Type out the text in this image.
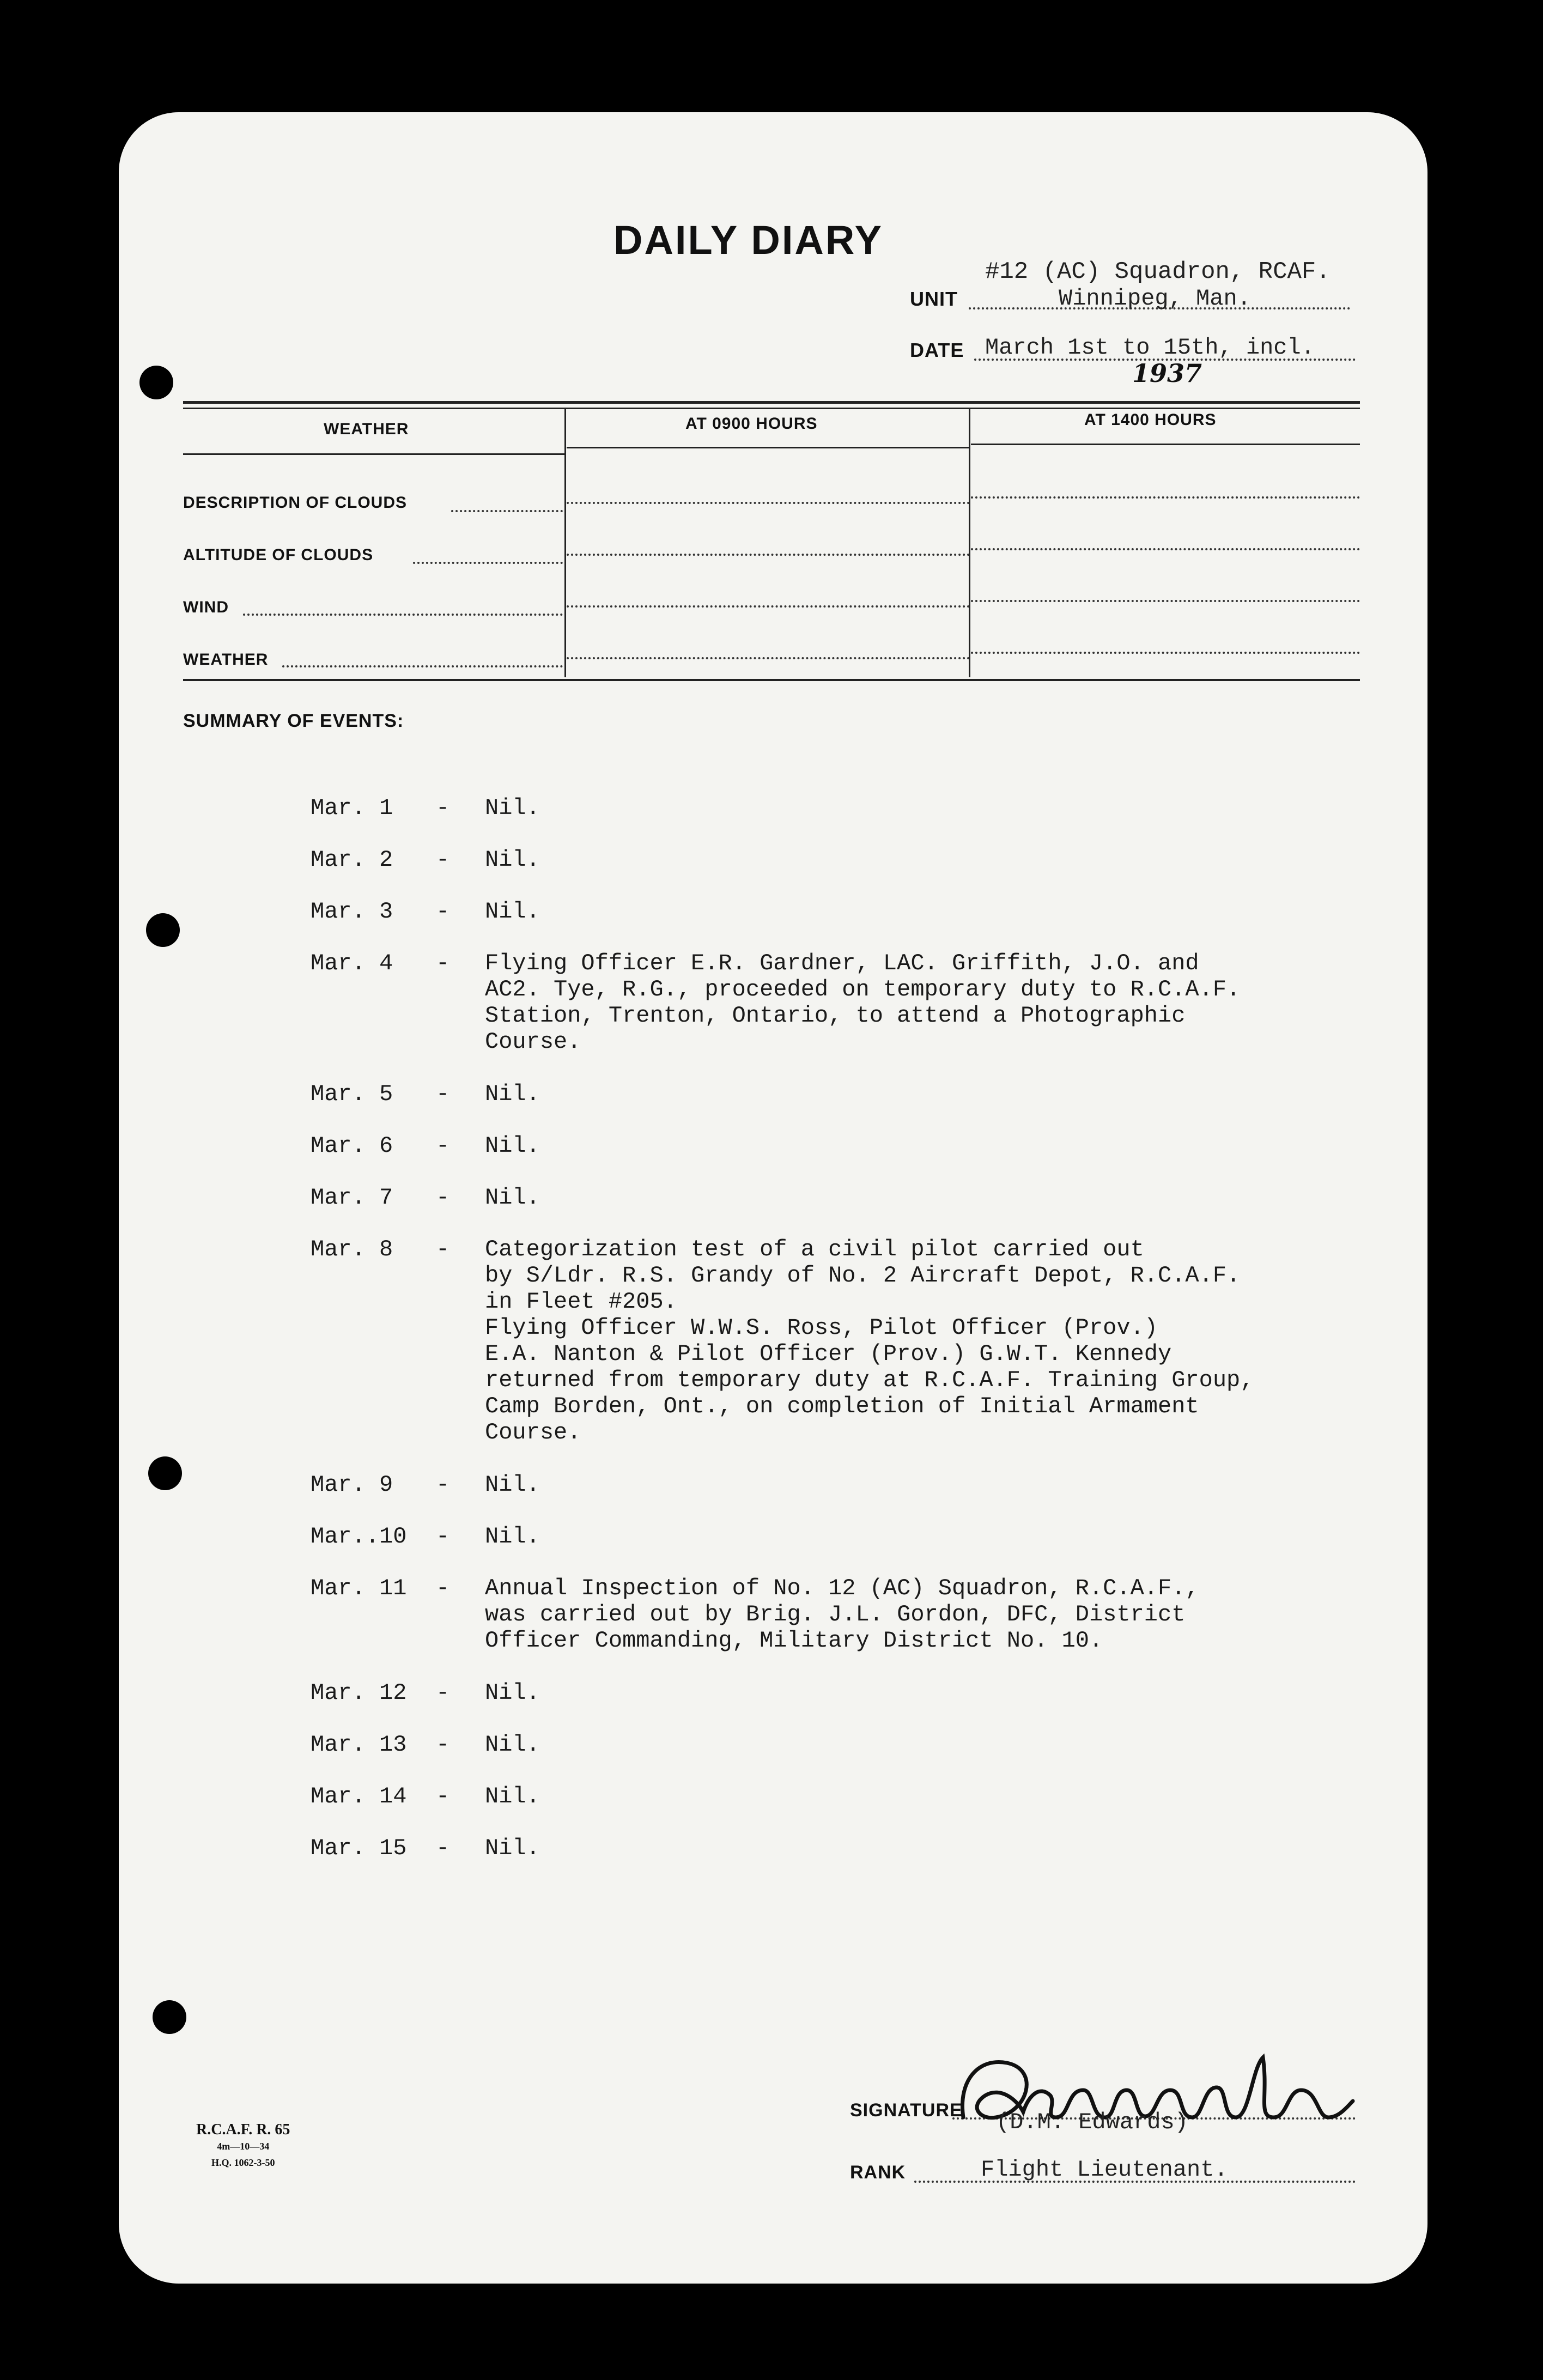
DAILY DIARY
#12 (AC) Squadron, RCAF.
UNIT	Winnipeg, Man.
DATE March 1st to 15th, incl.
1937
WEATHER	AT 0900 HOURS	AT 1400 HOURS
DESCRIPTION OF CLOUDS
ALTITUDE OF CLOUDS
WIND
WEATHER
SUMMARY OF EVENTS:
Mar. 1 - Nil.
Mar. 2 - Nil.
Mar. 3 - Nil.
Mar. 4 - Flying Officer E.R. Gardner, LAC. Griffith, J.O. and
AC2. Tye, R.G., proceeded on temporary duty to R.C.A.F.
Station, Trenton, Ontario, to attend a Photographic
Course.
Mar. 5 - Nil.
Mar. 6 - Nil.
Mar. 7 - Nil.
Mar. 8 - Categorization test of a civil pilot carried out
by S/Ldr. R.S. Grandy of No. 2 Aircraft Depot, R.C.A.F.
in Fleet #205.
Flying Officer W.W.S. Ross, Pilot Officer (Prov.)
E.A. Nanton & Pilot Officer (Prov.) G.W.T. Kennedy
returned from temporary duty at R.C.A.F. Training Group,
Camp Borden, Ont., on completion of Initial Armament
Course.
Mar. 9 - Nil.
Mar..10 - Nil.
Mar. 11 - Annual Inspection of No. 12 (AC) Squadron, R.C.A.F.,
was carried out by Brig. J.L. Gordon, DFC, District
Officer Commanding, Military District No. 10.
Mar. 12 - Nil.
Mar. 13 - Nil.
Mar. 14 - Nil.
Mar. 15 - Nil.
R.C.A.F. R. 65
4m—10—34
H.Q. 1062-3-50
SIGNATURE (D.M. Edwards)
RANK	Flight Lieutenant.
